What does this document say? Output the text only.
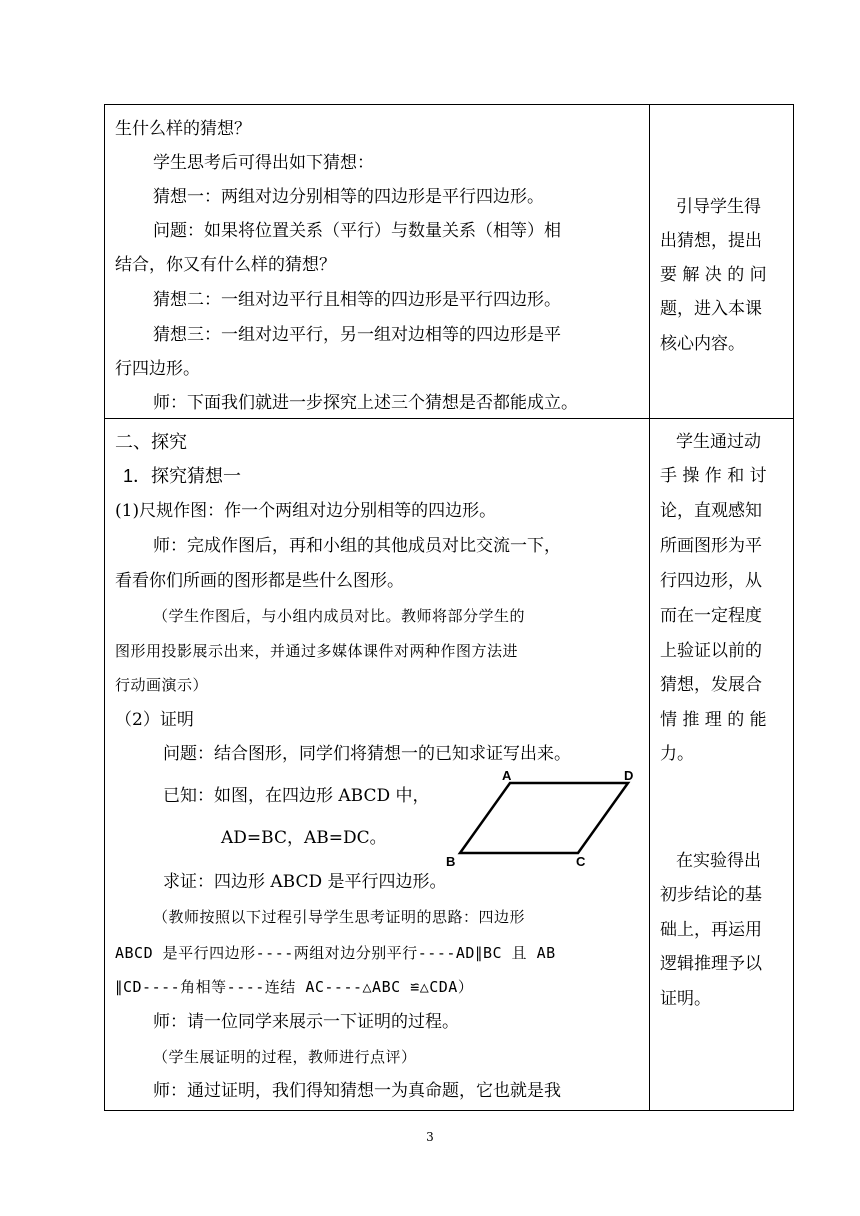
生什么样的猜想？
学生思考后可得出如下猜想：
猜想一：两组对边分别相等的四边形是平行四边形。
问题：如果将位置关系（平行）与数量关系（相等）相
结合，你又有什么样的猜想？
猜想二：一组对边平行且相等的四边形是平行四边形。
猜想三：一组对边平行，另一组对边相等的四边形是平
行四边形。
师：下面我们就进一步探究上述三个猜想是否都能成立。
二、探究
1．探究猜想一
(1)尺规作图：作一个两组对边分别相等的四边形。
师：完成作图后，再和小组的其他成员对比交流一下，
看看你们所画的图形都是些什么图形。
（学生作图后，与小组内成员对比。教师将部分学生的
图形用投影展示出来，并通过多媒体课件对两种作图方法进
行动画演示）
（2）证明
问题：结合图形，同学们将猜想一的已知求证写出来。
已知：如图，在四边形 ABCD 中，
AD=BC，AB=DC。
求证：四边形 ABCD 是平行四边形。
（教师按照以下过程引导学生思考证明的思路：四边形
ABCD 是平行四边形----两组对边分别平行----AD∥BC 且 AB
∥CD----角相等----连结 AC----△ABC ≌△CDA）
师：请一位同学来展示一下证明的过程。
（学生展证明的过程，教师进行点评）
师：通过证明，我们得知猜想一为真命题，它也就是我
引导学生得
出猜想，提出
要 解 决 的 问
题，进入本课
核心内容。
学生通过动
手 操 作 和 讨
论，直观感知
所画图形为平
行四边形，从
而在一定程度
上验证以前的
猜想，发展合
情 推 理 的 能
力。
在实验得出
初步结论的基
础上，再运用
逻辑推理予以
证明。
A	D
B	C
3
